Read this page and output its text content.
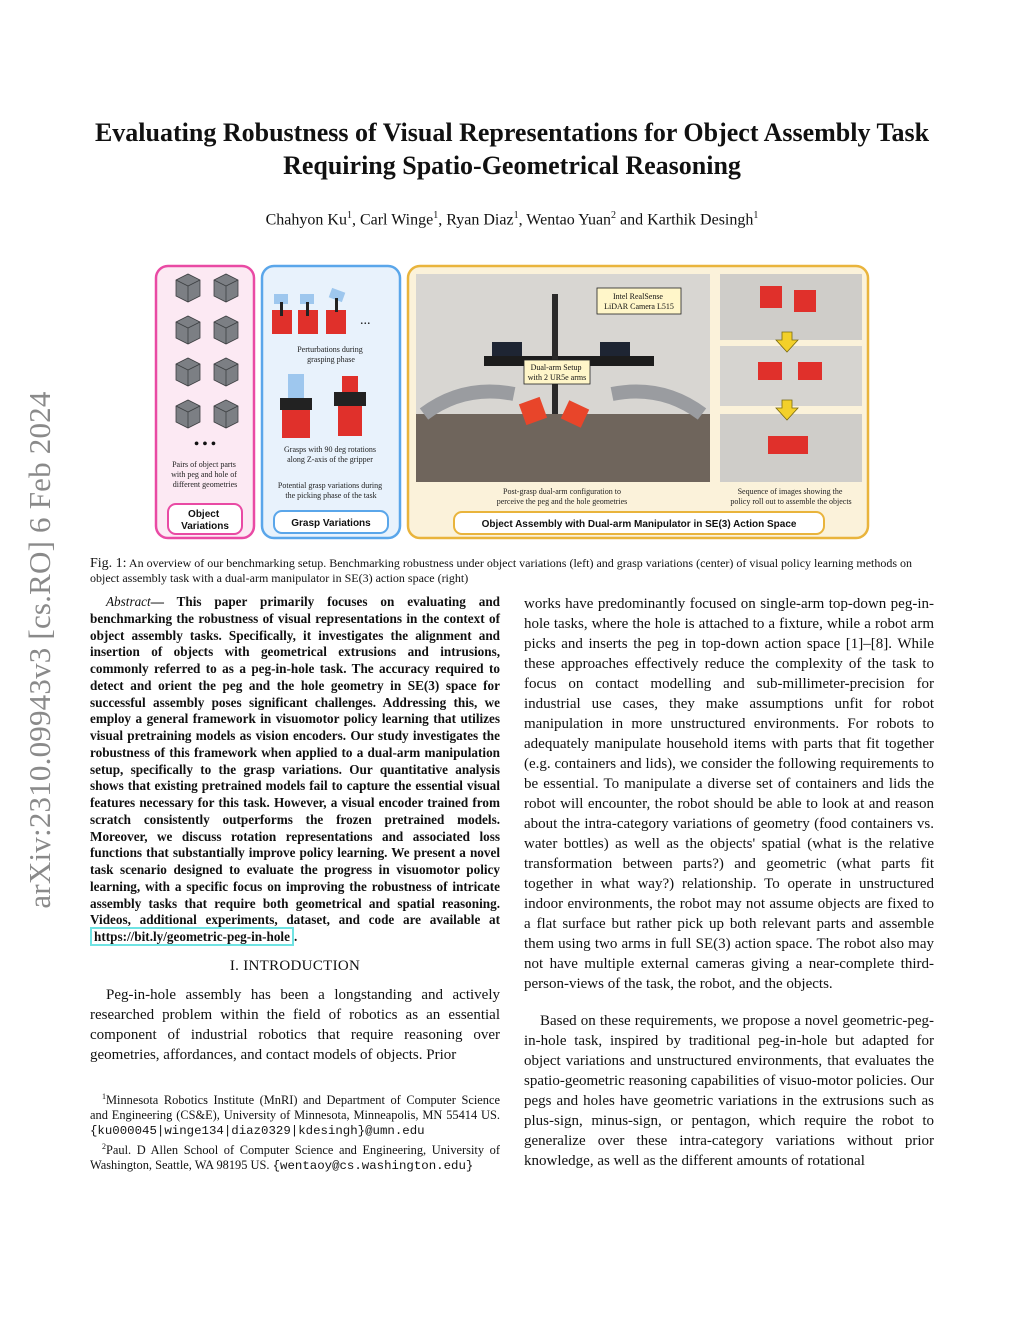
arXiv:2310.09943v3 [cs.RO] 6 Feb 2024
Evaluating Robustness of Visual Representations for Object Assembly Task Requiring Spatio-Geometrical Reasoning
Chahyon Ku$^1$, Carl Winge$^1$, Ryan Diaz$^1$, Wentao Yuan$^2$ and Karthik Desingh$^1$
• • •
Pairs of object parts with peg and hole of different geometries
Object Variations
...
Perturbations during grasping phase
Grasps with 90 deg rotations along Z-axis of the gripper Potential grasp variations during the picking phase of the task
Grasp Variations
Intel RealSense LiDAR Camera L515
Dual-arm Setup with 2 UR5e arms
Post-grasp dual-arm configuration to perceive the peg and the hole geometries Sequence of images showing the policy roll out to assemble the objects
Object Assembly with Dual-arm Manipulator in SE(3) Action Space
Fig. 1: An overview of our benchmarking setup. Benchmarking robustness under object variations (left) and grasp variations (center) of visual policy learning methods on object assembly task with a dual-arm manipulator in SE(3) action space (right)

Abstract— This paper primarily focuses on evaluating and benchmarking the robustness of visual representations in the context of object assembly tasks. Specifically, it investigates the alignment and insertion of objects with geometrical extrusions and intrusions, commonly referred to as a peg-in-hole task. The accuracy required to detect and orient the peg and the hole geometry in SE(3) space for successful assembly poses significant challenges. Addressing this, we employ a general framework in visuomotor policy learning that utilizes visual pretraining models as vision encoders. Our study investigates the robustness of this framework when applied to a dual-arm manipulation setup, specifically to the grasp variations. Our quantitative analysis shows that existing pretrained models fail to capture the essential visual features necessary for this task. However, a visual encoder trained from scratch consistently outperforms the frozen pretrained models. Moreover, we discuss rotation representations and associated loss functions that substantially improve policy learning. We present a novel task scenario designed to evaluate the progress in visuomotor policy learning, with a specific focus on improving the robustness of intricate assembly tasks that require both geometrical and spatial reasoning. Videos, additional experiments, dataset, and code are available at https://bit.ly/geometric-peg-in-hole .

I. INTRODUCTION

Peg-in-hole assembly has been a longstanding and actively researched problem within the field of robotics as an essential component of industrial robotics that require reasoning over geometries, affordances, and contact models of objects. Prior

$^1$Minnesota Robotics Institute (MnRI) and Department of Computer Science and Engineering (CS&E), University of Minnesota, Minneapolis, MN 55414 US. {ku000045|winge134|diaz0329|kdesingh}@umn.edu

$^2$Paul. D Allen School of Computer Science and Engineering, University of Washington, Seattle, WA 98195 US. {wentaoy@cs.washington.edu}

works have predominantly focused on single-arm top-down peg-in-hole tasks, where the hole is attached to a fixture, while a robot arm picks and inserts the peg in top-down action space [1]–[8]. While these approaches effectively reduce the complexity of the task to focus on contact modelling and sub-millimeter-precision for industrial use cases, they make assumptions unfit for robot manipulation in more unstructured environments. For robots to adequately manipulate household items with parts that fit together (e.g. containers and lids), we consider the following requirements to be essential. To manipulate a diverse set of containers and lids the robot will encounter, the robot should be able to look at and reason about the intra-category variations of geometry (food containers vs. water bottles) as well as the objects' spatial (what is the relative transformation between parts?) and geometric (what parts fit together in what way?) relationship. To operate in unstructured indoor environments, the robot may not assume objects are fixed to a flat surface but rather pick up both relevant parts and assemble them using two arms in full SE(3) action space. The robot also may not have multiple external cameras giving a near-complete third-person-views of the task, the robot, and the objects.

Based on these requirements, we propose a novel geometric-peg-in-hole task, inspired by traditional peg-in-hole but adapted for object variations and unstructured environments, that evaluates the spatio-geometric reasoning capabilities of visuo-motor policies. Our pegs and holes have geometric variations in the extrusions such as plus-sign, minus-sign, or pentagon, which require the robot to generalize over these intra-category variations without prior knowledge, as well as the different amounts of rotational
